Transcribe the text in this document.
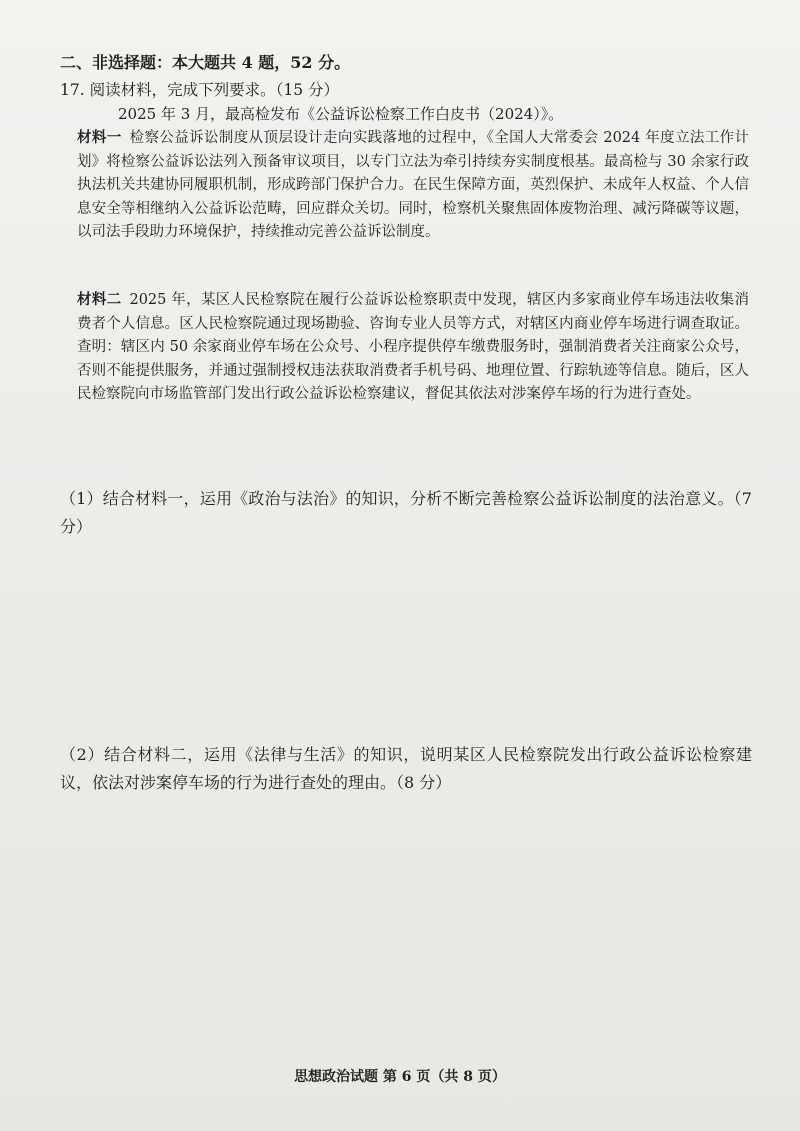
二、非选择题：本大题共 4 题，52 分。
17. 阅读材料，完成下列要求。（15 分）
2025 年 3 月，最高检发布《公益诉讼检察工作白皮书（2024）》。
材料一 检察公益诉讼制度从顶层设计走向实践落地的过程中，《全国人大常委会 2024 年度立法工作计划》将检察公益诉讼法列入预备审议项目，以专门立法为牵引持续夯实制度根基。最高检与 30 余家行政执法机关共建协同履职机制，形成跨部门保护合力。在民生保障方面，英烈保护、未成年人权益、个人信息安全等相继纳入公益诉讼范畴，回应群众关切。同时，检察机关聚焦固体废物治理、减污降碳等议题，以司法手段助力环境保护，持续推动完善公益诉讼制度。
材料二 2025 年，某区人民检察院在履行公益诉讼检察职责中发现，辖区内多家商业停车场违法收集消费者个人信息。区人民检察院通过现场勘验、咨询专业人员等方式，对辖区内商业停车场进行调查取证。查明：辖区内 50 余家商业停车场在公众号、小程序提供停车缴费服务时，强制消费者关注商家公众号，否则不能提供服务，并通过强制授权违法获取消费者手机号码、地理位置、行踪轨迹等信息。随后，区人民检察院向市场监管部门发出行政公益诉讼检察建议，督促其依法对涉案停车场的行为进行查处。
（1）结合材料一，运用《政治与法治》的知识，分析不断完善检察公益诉讼制度的法治意义。（7 分）
（2）结合材料二，运用《法律与生活》的知识，说明某区人民检察院发出行政公益诉讼检察建议，依法对涉案停车场的行为进行查处的理由。（8 分）
思想政治试题 第 6 页（共 8 页）
